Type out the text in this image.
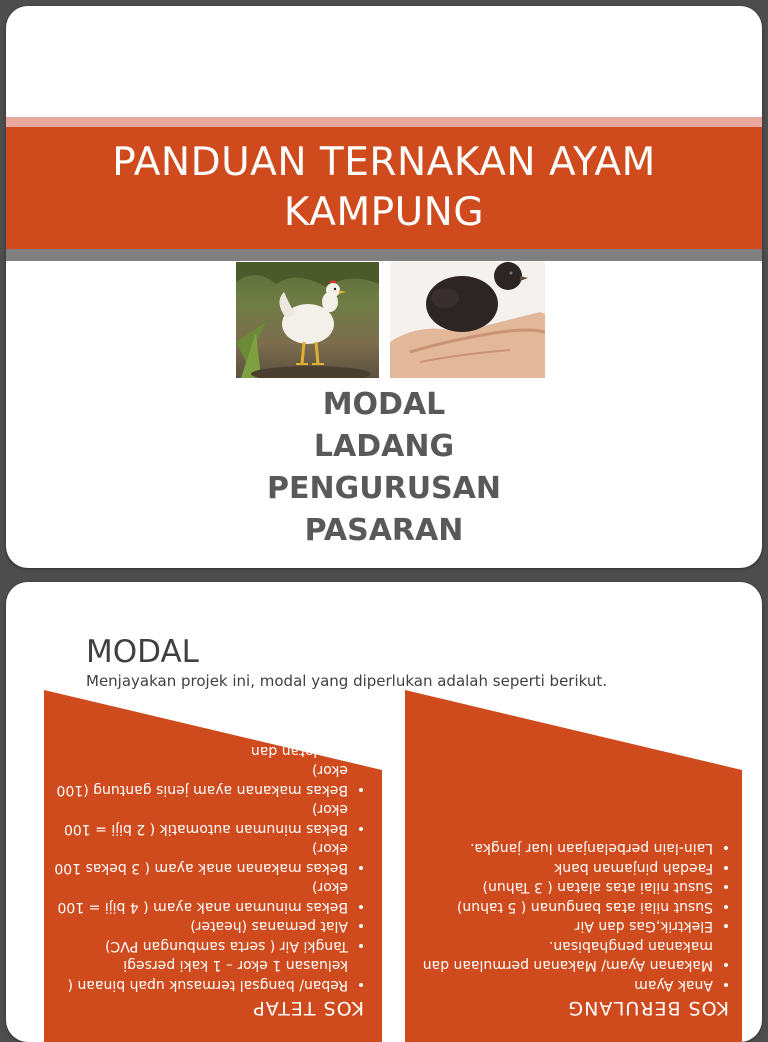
PANDUAN TERNAKAN AYAM
KAMPUNG
MODAL
LADANG
PENGURUSAN
PASARAN
MODAL
Menjayakan projek ini, modal yang diperlukan adalah seperti berikut.
KOS TETAP
• Reban/ bangsal termasuk upah binaan ( keluasan 1 ekor – 1 kaki persegi
• Tangki Air ( serta sambungan PVC)
• Alat pemanas (heater)
• Bekas minuman anak ayam ( 4 biji = 100 ekor)
• Bekas makanan anak ayam ( 3 bekas 100 ekor)
• Bekas minuman automatik ( 2 biji = 100 ekor)
• Bekas makanan ayam jenis gantung (100 ekor)
• Peralatan dan
KOS BERULANG
• Anak Ayam
• Makanan Ayam/ Makanan permulaan dan makanan penghabisan.
• Elektrik,Gas dan Air
• Susut nilai atas bangunan ( 5 tahun)
• Susut nilai atas alatan ( 3 Tahun)
• Faedah pinjaman bank
• Lain-lain perbelanjaan luar jangka.
